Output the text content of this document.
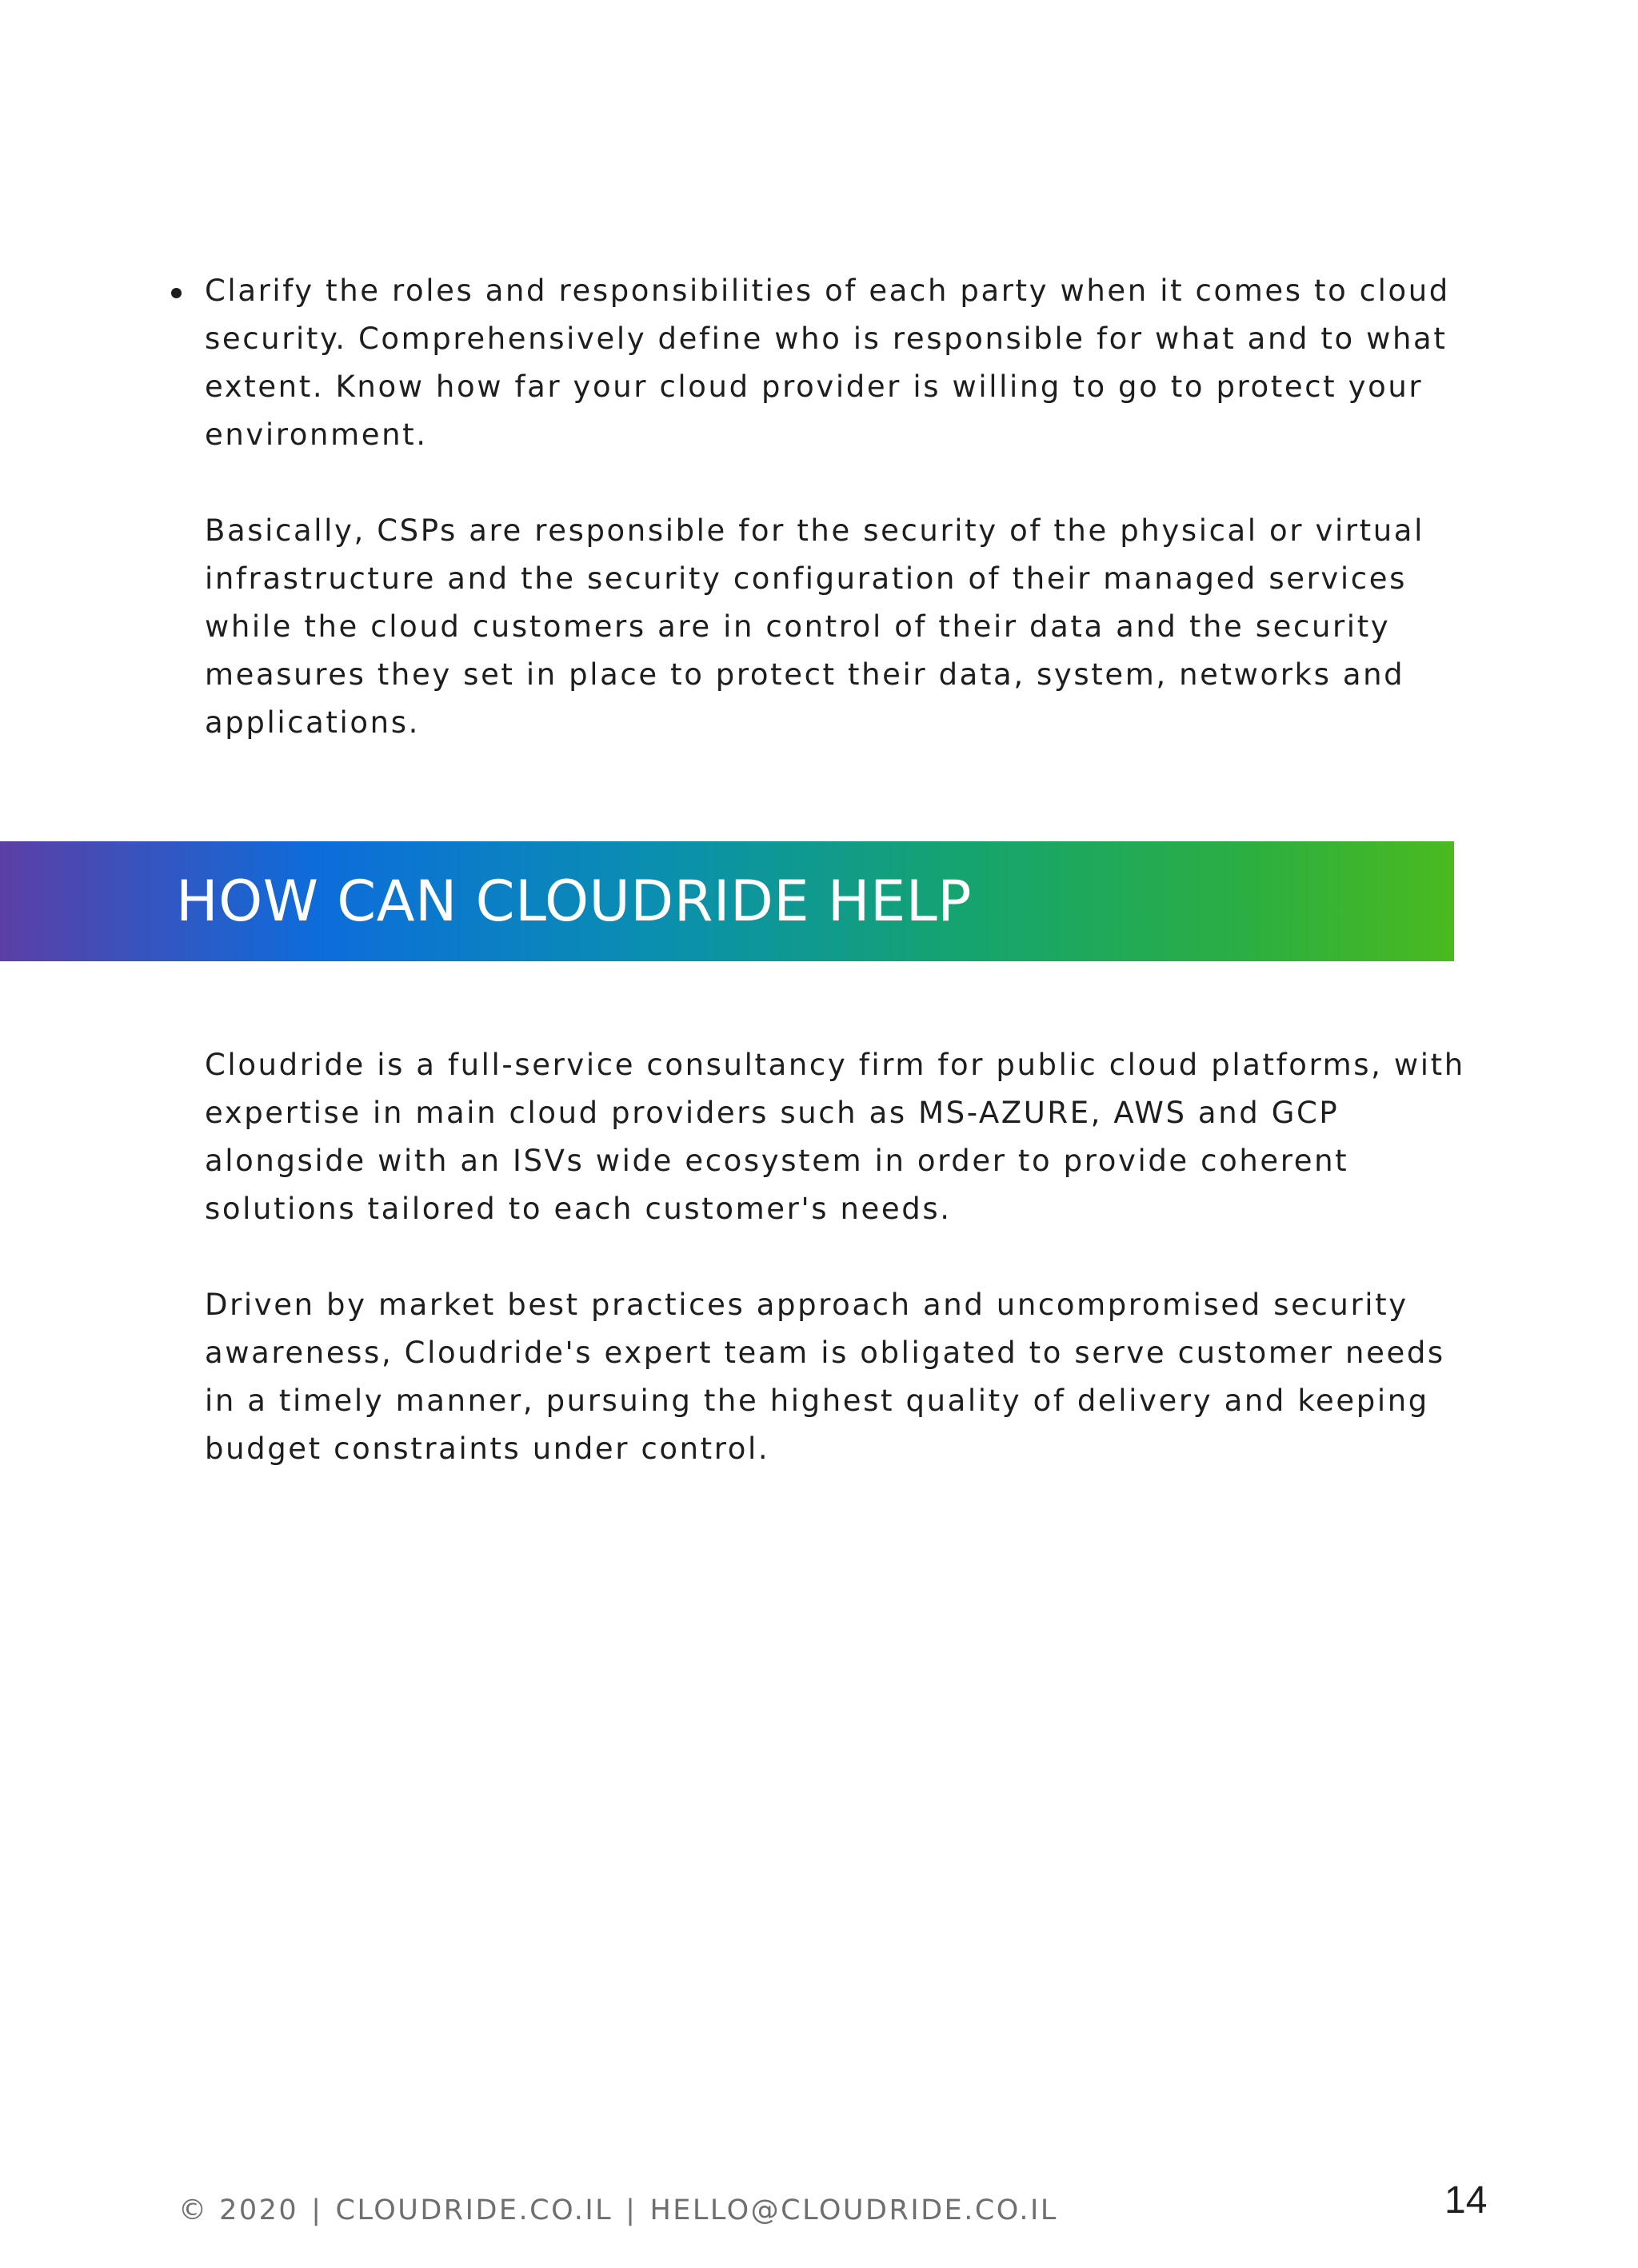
Clarify the roles and responsibilities of each party when it comes to cloud security. Comprehensively define who is responsible for what and to what extent. Know how far your cloud provider is willing to go to protect your environment.

Basically, CSPs are responsible for the security of the physical or virtual infrastructure and the security configuration of their managed services while the cloud customers are in control of their data and the security measures they set in place to protect their data, system, networks and applications.

HOW CAN CLOUDRIDE HELP

Cloudride is a full-service consultancy firm for public cloud platforms, with expertise in main cloud providers such as MS-AZURE, AWS and GCP alongside with an ISVs wide ecosystem in order to provide coherent solutions tailored to each customer's needs.

Driven by market best practices approach and uncompromised security awareness, Cloudride's expert team is obligated to serve customer needs in a timely manner, pursuing the highest quality of delivery and keeping budget constraints under control.

© 2020 | CLOUDRIDE.CO.IL | HELLO@CLOUDRIDE.CO.IL	14
